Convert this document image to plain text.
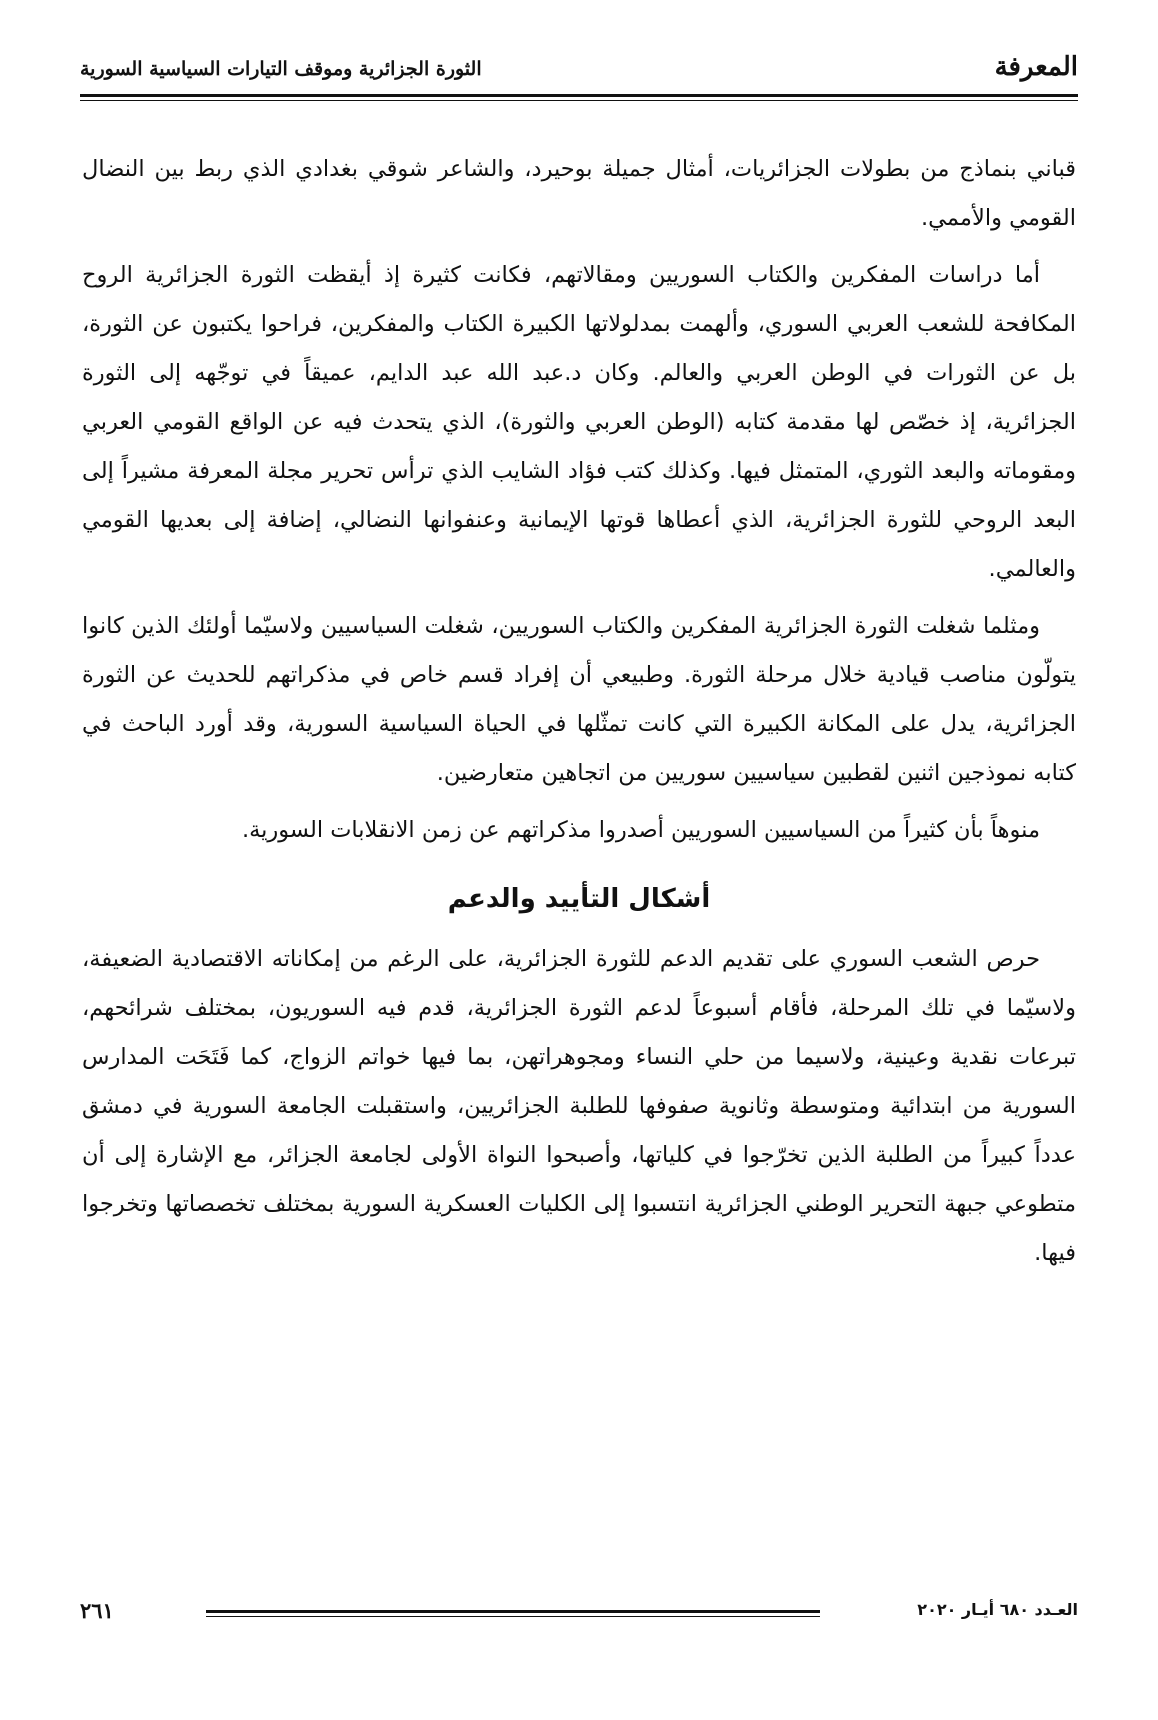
المعرفة
الثورة الجزائرية وموقف التيارات السياسية السورية

قباني بنماذج من بطولات الجزائريات، أمثال جميلة بوحيرد، والشاعر شوقي بغدادي الذي ربط بين النضال القومي والأممي.

أما دراسات المفكرين والكتاب السوريين ومقالاتهم، فكانت كثيرة إذ أيقظت الثورة الجزائرية الروح المكافحة للشعب العربي السوري، وألهمت بمدلولاتها الكبيرة الكتاب والمفكرين، فراحوا يكتبون عن الثورة، بل عن الثورات في الوطن العربي والعالم. وكان د.عبد الله عبد الدايم، عميقاً في توجّهه إلى الثورة الجزائرية، إذ خصّص لها مقدمة كتابه (الوطن العربي والثورة)، الذي يتحدث فيه عن الواقع القومي العربي ومقوماته والبعد الثوري، المتمثل فيها. وكذلك كتب فؤاد الشايب الذي ترأس تحرير مجلة المعرفة مشيراً إلى البعد الروحي للثورة الجزائرية، الذي أعطاها قوتها الإيمانية وعنفوانها النضالي، إضافة إلى بعديها القومي والعالمي.

ومثلما شغلت الثورة الجزائرية المفكرين والكتاب السوريين، شغلت السياسيين ولاسيّما أولئك الذين كانوا يتولّون مناصب قيادية خلال مرحلة الثورة. وطبيعي أن إفراد قسم خاص في مذكراتهم للحديث عن الثورة الجزائرية، يدل على المكانة الكبيرة التي كانت تمثّلها في الحياة السياسية السورية، وقد أورد الباحث في كتابه نموذجين اثنين لقطبين سياسيين سوريين من اتجاهين متعارضين.

منوهاً بأن كثيراً من السياسيين السوريين أصدروا مذكراتهم عن زمن الانقلابات السورية.

أشكال التأييد والدعم

حرص الشعب السوري على تقديم الدعم للثورة الجزائرية، على الرغم من إمكاناته الاقتصادية الضعيفة، ولاسيّما في تلك المرحلة، فأقام أسبوعاً لدعم الثورة الجزائرية، قدم فيه السوريون، بمختلف شرائحهم، تبرعات نقدية وعينية، ولاسيما من حلي النساء ومجوهراتهن، بما فيها خواتم الزواج، كما فَتَحَت المدارس السورية من ابتدائية ومتوسطة وثانوية صفوفها للطلبة الجزائريين، واستقبلت الجامعة السورية في دمشق عدداً كبيراً من الطلبة الذين تخرّجوا في كلياتها، وأصبحوا النواة الأولى لجامعة الجزائر، مع الإشارة إلى أن متطوعي جبهة التحرير الوطني الجزائرية انتسبوا إلى الكليات العسكرية السورية بمختلف تخصصاتها وتخرجوا فيها.

٢٦١	العـدد ٦٨٠ أيـار ٢٠٢٠
